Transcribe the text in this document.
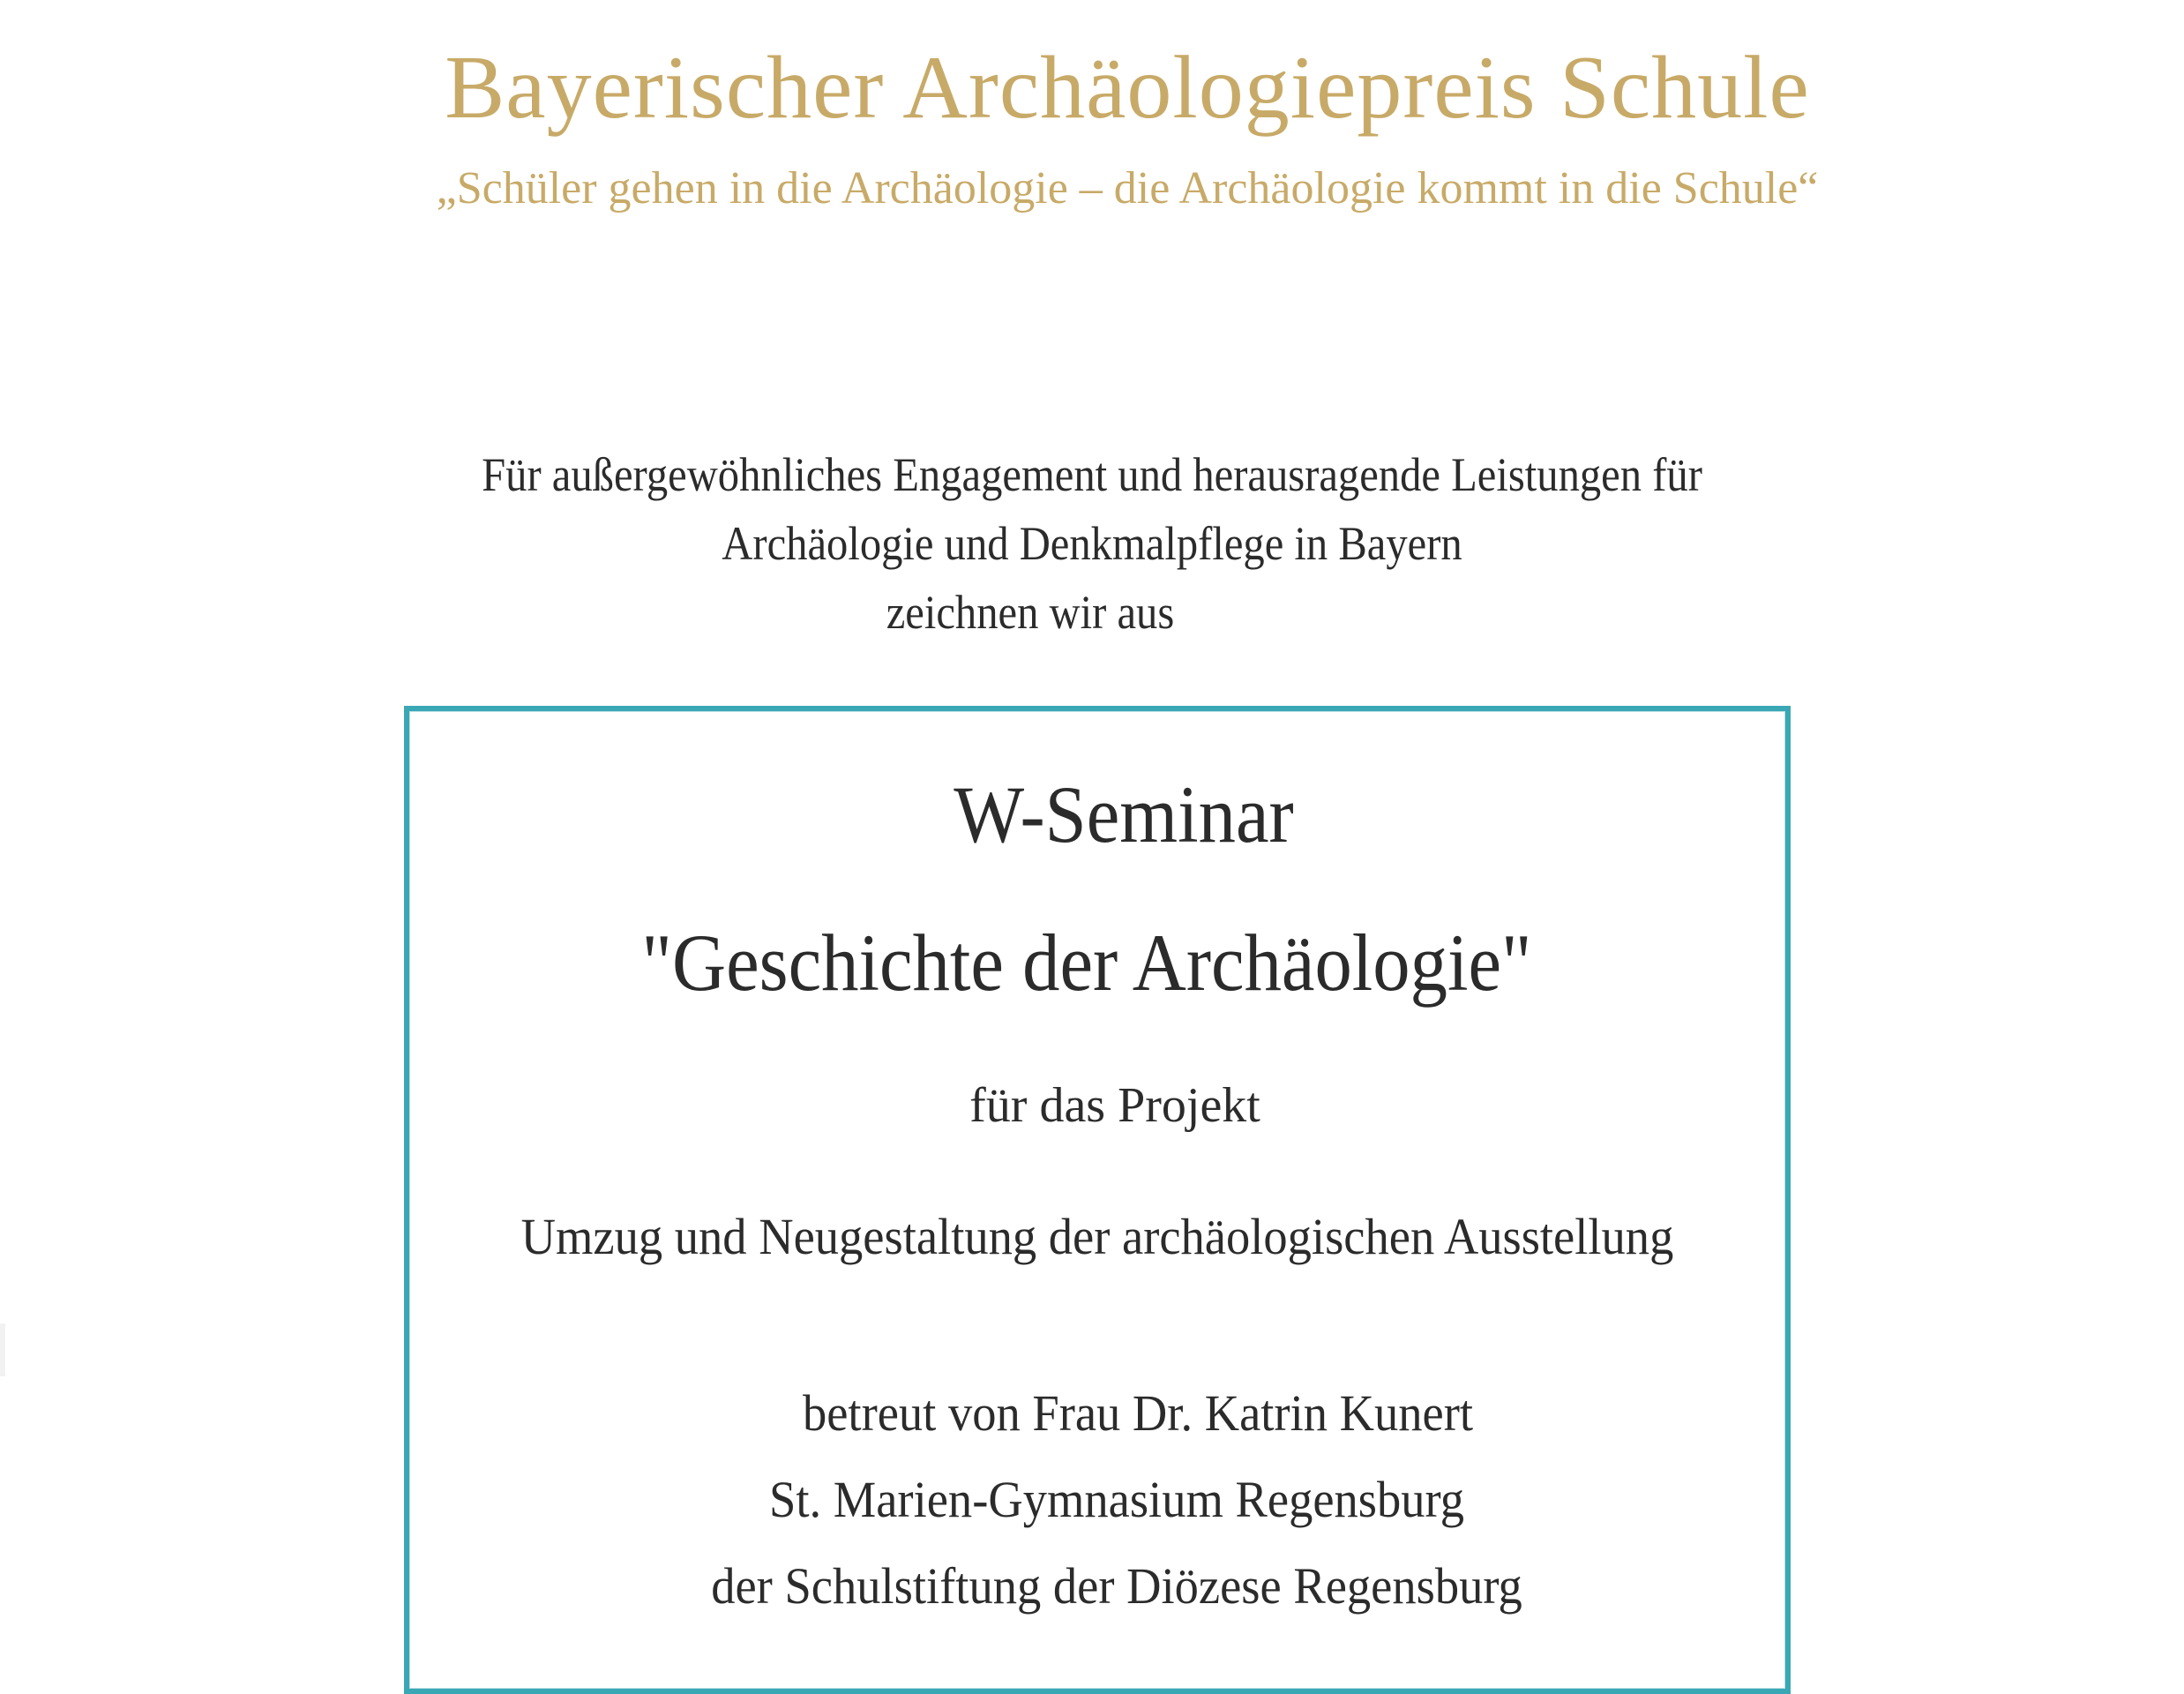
Bayerischer Archäologiepreis Schule
„Schüler gehen in die Archäologie – die Archäologie kommt in die Schule“
Für außergewöhnliches Engagement und herausragende Leistungen für
Archäologie und Denkmalpflege in Bayern
zeichnen wir aus
W-Seminar
"Geschichte der Archäologie"
für das Projekt
Umzug und Neugestaltung der archäologischen Ausstellung
betreut von Frau Dr. Katrin Kunert
St. Marien-Gymnasium Regensburg
der Schulstiftung der Diözese Regensburg
